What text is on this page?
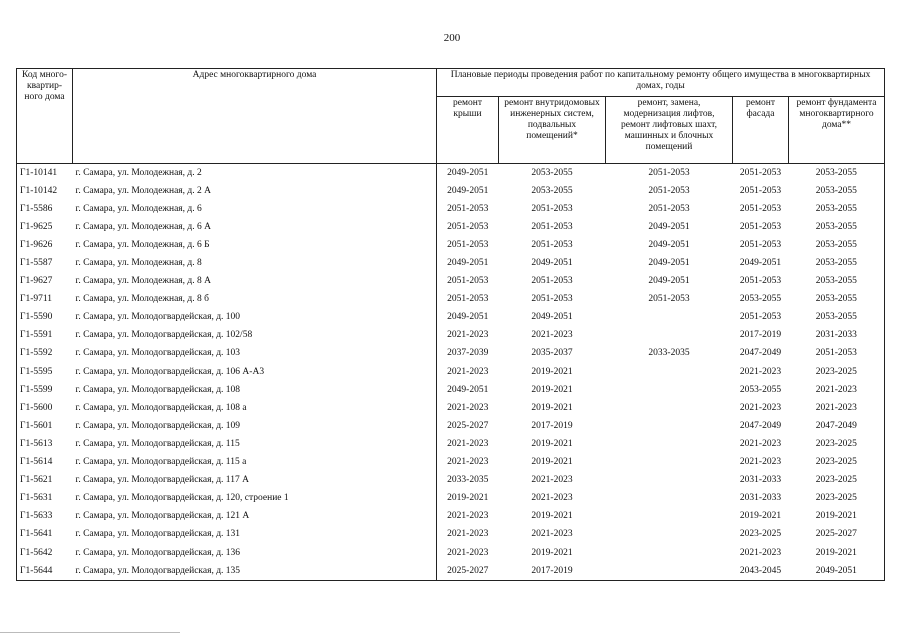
200
Код много-квартир-ного дома	Адрес многоквартирного дома	Плановые периоды проведения работ по капитальному ремонту общего имущества в многоквартирных домах, годы				
		ремонт крыши	ремонт внутридомовых инженерных систем, подвальных помещений*	ремонт, замена, модернизация лифтов, ремонт лифтовых шахт, машинных и блочных помещений	ремонт фасада	ремонт фундамента многоквартирного дома**
Г1-10141	г. Самара, ул. Молодежная, д. 2	2049-2051	2053-2055	2051-2053	2051-2053	2053-2055
Г1-10142	г. Самара, ул. Молодежная, д. 2 А	2049-2051	2053-2055	2051-2053	2051-2053	2053-2055
Г1-5586	г. Самара, ул. Молодежная, д. 6	2051-2053	2051-2053	2051-2053	2051-2053	2053-2055
Г1-9625	г. Самара, ул. Молодежная, д. 6 А	2051-2053	2051-2053	2049-2051	2051-2053	2053-2055
Г1-9626	г. Самара, ул. Молодежная, д. 6 Б	2051-2053	2051-2053	2049-2051	2051-2053	2053-2055
Г1-5587	г. Самара, ул. Молодежная, д. 8	2049-2051	2049-2051	2049-2051	2049-2051	2053-2055
Г1-9627	г. Самара, ул. Молодежная, д. 8 А	2051-2053	2051-2053	2049-2051	2051-2053	2053-2055
Г1-9711	г. Самара, ул. Молодежная, д. 8 б	2051-2053	2051-2053	2051-2053	2053-2055	2053-2055
Г1-5590	г. Самара, ул. Молодогвардейская, д. 100	2049-2051	2049-2051		2051-2053	2053-2055
Г1-5591	г. Самара, ул. Молодогвардейская, д. 102/58	2021-2023	2021-2023		2017-2019	2031-2033
Г1-5592	г. Самара, ул. Молодогвардейская, д. 103	2037-2039	2035-2037	2033-2035	2047-2049	2051-2053
Г1-5595	г. Самара, ул. Молодогвардейская, д. 106 А-А3	2021-2023	2019-2021		2021-2023	2023-2025
Г1-5599	г. Самара, ул. Молодогвардейская, д. 108	2049-2051	2019-2021		2053-2055	2021-2023
Г1-5600	г. Самара, ул. Молодогвардейская, д. 108 а	2021-2023	2019-2021		2021-2023	2021-2023
Г1-5601	г. Самара, ул. Молодогвардейская, д. 109	2025-2027	2017-2019		2047-2049	2047-2049
Г1-5613	г. Самара, ул. Молодогвардейская, д. 115	2021-2023	2019-2021		2021-2023	2023-2025
Г1-5614	г. Самара, ул. Молодогвардейская, д. 115 а	2021-2023	2019-2021		2021-2023	2023-2025
Г1-5621	г. Самара, ул. Молодогвардейская, д. 117 А	2033-2035	2021-2023		2031-2033	2023-2025
Г1-5631	г. Самара, ул. Молодогвардейская, д. 120, строение 1	2019-2021	2021-2023		2031-2033	2023-2025
Г1-5633	г. Самара, ул. Молодогвардейская, д. 121 А	2021-2023	2019-2021		2019-2021	2019-2021
Г1-5641	г. Самара, ул. Молодогвардейская, д. 131	2021-2023	2021-2023		2023-2025	2025-2027
Г1-5642	г. Самара, ул. Молодогвардейская, д. 136	2021-2023	2019-2021		2021-2023	2019-2021
Г1-5644	г. Самара, ул. Молодогвардейская, д. 135	2025-2027	2017-2019		2043-2045	2049-2051
